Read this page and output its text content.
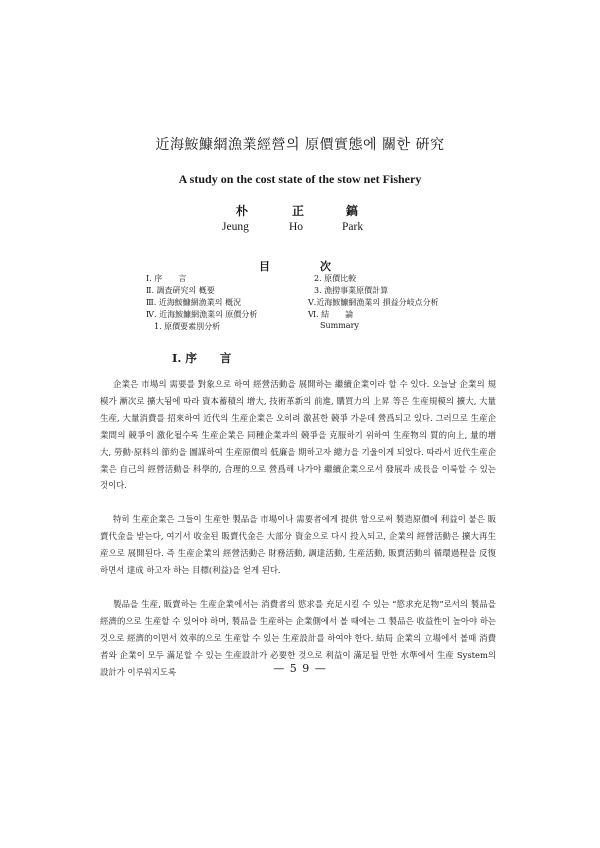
近海鮟鱇網漁業經營의 原價實態에 關한 硏究
A study on the cost state of the stow net Fishery
朴	正	鎬
Jeung	Ho	Park
目	次
Ⅰ. 序　　言
Ⅱ. 調査硏究의 槪要
Ⅲ. 近海鮟鱇網漁業의 槪況
Ⅳ. 近海鮟鱇網漁業의 原價分析
1. 原價要素別分析
2. 原價比較
3. 漁撈事業原價計算
Ⅴ.近海鮟鱇網漁業의 損益分岐点分析
Ⅵ. 結　　論
Summary
Ⅰ. 序　　言
企業은 市場의 需要를 對象으로 하여 經營活動을 展開하는 繼續企業이라 할 수 있다. 오늘날 企業의 規模가 漸次로 擴大됨에 따라 資本蓄積의 增大, 技術革新의 前進, 購買力의 上昇 等은 生産規模의 擴大, 大量生産, 大量消費를 招來하여 近代의 生産企業은 오히려 激甚한 競爭 가운데 營爲되고 있다. 그러므로 生産企業間의 競爭이 激化될수록 生産企業은 同種企業과의 競爭을 克服하기 위하여 生産物의 質的向上, 量的增大, 勞動·原料의 節約을 圖謀하여 生産原價의 低廉을 期하고자 總力을 기울이게 되었다. 따라서 近代生産企業은 自己의 經營活動을 科學的, 合理的으로 營爲해 나가야 繼續企業으로서 發展과 成長을 이룩할 수 있는 것이다.
特히 生産企業은 그들이 生産한 製品을 市場이나 需要者에게 提供 함으로써 製造原價에 利益이 붙은 販賣代金을 받는다, 여기서 收金된 販賣代金은 大部分 資金으로 다시 投入되고, 企業의 經營活動은 擴大再生産으로 展開된다. 즉 生産企業의 經營活動은 財務活動, 調達活動, 生産活動, 販賣活動의 循環過程을 反復 하면서 達成 하고자 하는 目標(利益)을 얻게 된다.
製品을 生産, 販賣하는 生産企業에서는 消費者의 慾求를 充足시킬 수 있는 “慾求充足物”로서의 製品을 經濟的으로 生産할 수 있어야 하며, 製品을 生産하는 企業側에서 볼 때에는 그 製品은 收益性이 높아야 하는 것으로 經濟的이면서 效率的으로 生産할 수 있는 生産設計를 하여야 한다. 結局 企業의 立場에서 볼때 消費者와 企業이 모두 滿足할 수 있는 生産設計가 必要한 것으로 利益이 滿足될 만한 水準에서 生産 System의 設計가 이루워지도록	— 5 9 —
